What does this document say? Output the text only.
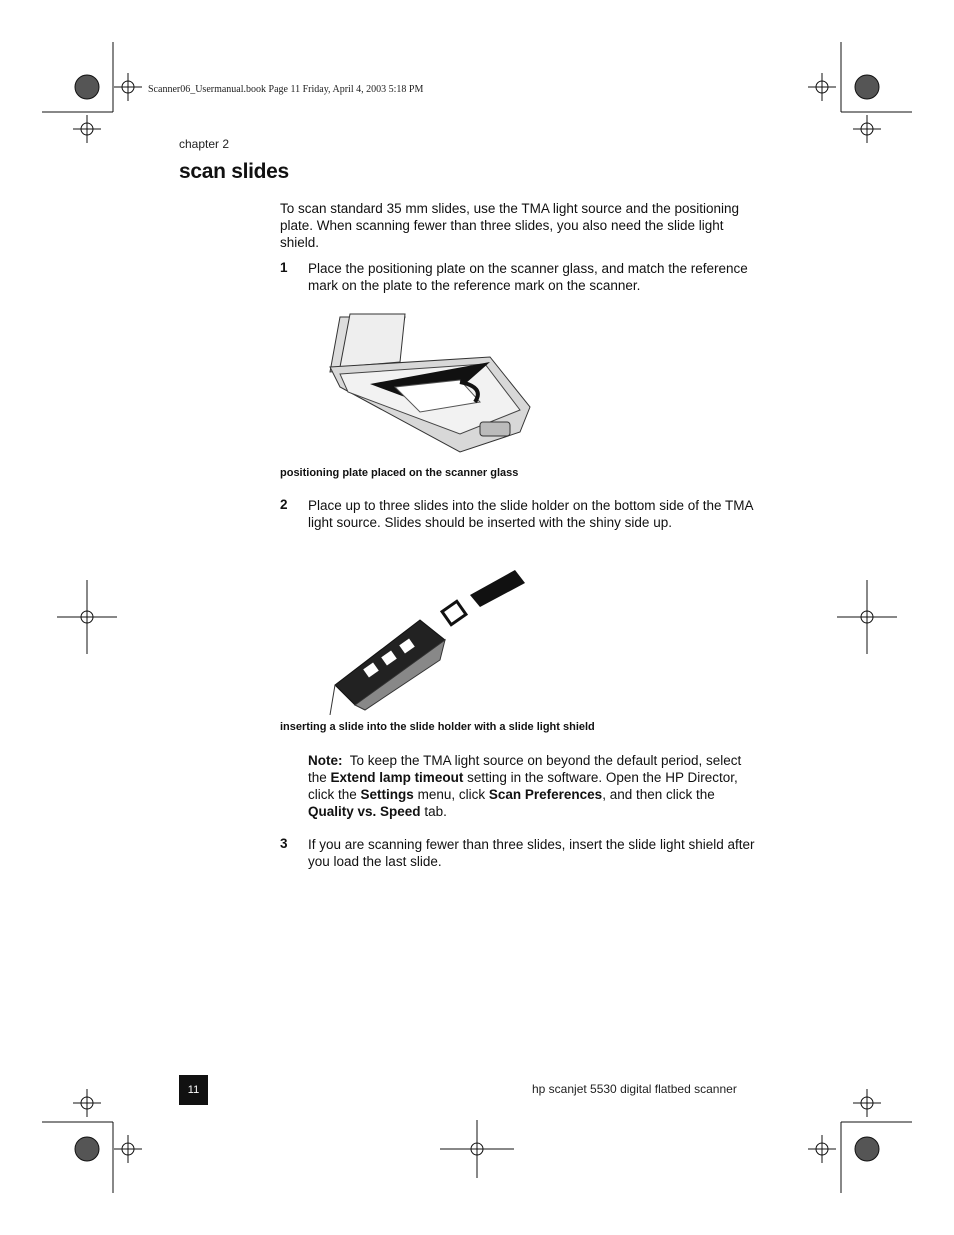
Scanner06_Usermanual.book Page 11 Friday, April 4, 2003 5:18 PM
chapter 2
scan slides
To scan standard 35 mm slides, use the TMA light source and the positioning plate. When scanning fewer than three slides, you also need the slide light shield.
1 Place the positioning plate on the scanner glass, and match the reference mark on the plate to the reference mark on the scanner.
positioning plate placed on the scanner glass
2 Place up to three slides into the slide holder on the bottom side of the TMA light source. Slides should be inserted with the shiny side up.
inserting a slide into the slide holder with a slide light shield
Note: To keep the TMA light source on beyond the default period, select the Extend lamp timeout setting in the software. Open the HP Director, click the Settings menu, click Scan Preferences, and then click the Quality vs. Speed tab.
3 If you are scanning fewer than three slides, insert the slide light shield after you load the last slide.
11	hp scanjet 5530 digital flatbed scanner
